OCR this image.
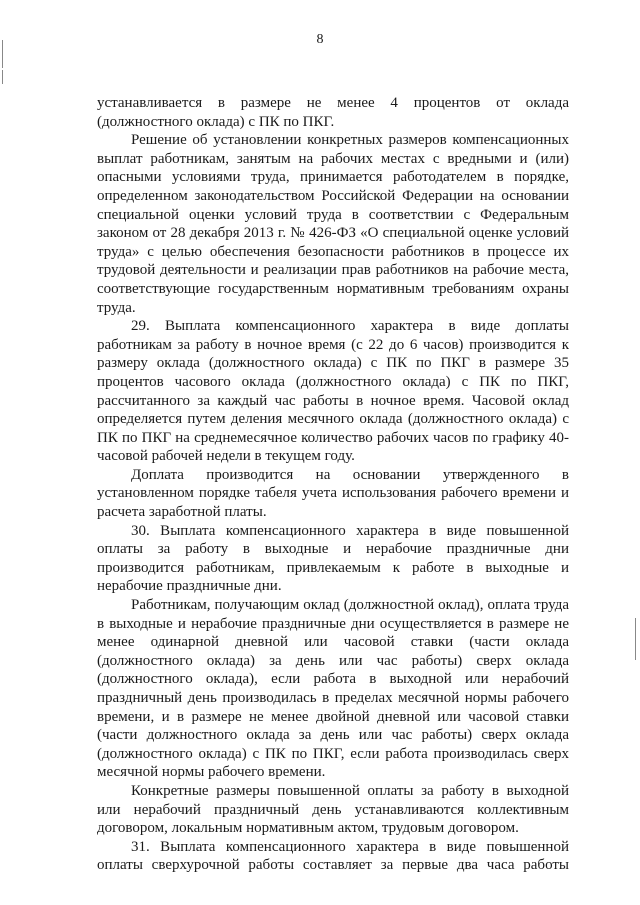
8

устанавливается в размере не менее 4 процентов от оклада (должностного оклада) с ПК по ПКГ.

Решение об установлении конкретных размеров компенсационных выплат работникам, занятым на рабочих местах с вредными и (или) опасными условиями труда, принимается работодателем в порядке, определенном законодательством Российской Федерации на основании специальной оценки условий труда в соответствии с Федеральным законом от 28 декабря 2013 г. № 426-ФЗ «О специальной оценке условий труда» с целью обеспечения безопасности работников в процессе их трудовой деятельности и реализации прав работников на рабочие места, соответствующие государственным нормативным требованиям охраны труда.

29. Выплата компенсационного характера в виде доплаты работникам за работу в ночное время (с 22 до 6 часов) производится к размеру оклада (должностного оклада) с ПК по ПКГ в размере 35 процентов часового оклада (должностного оклада) с ПК по ПКГ, рассчитанного за каждый час работы в ночное время. Часовой оклад определяется путем деления месячного оклада (должностного оклада) с ПК по ПКГ на среднемесячное количество рабочих часов по графику 40-часовой рабочей недели в текущем году.

Доплата производится на основании утвержденного в установленном порядке табеля учета использования рабочего времени и расчета заработной платы.

30. Выплата компенсационного характера в виде повышенной оплаты за работу в выходные и нерабочие праздничные дни производится работникам, привлекаемым к работе в выходные и нерабочие праздничные дни.

Работникам, получающим оклад (должностной оклад), оплата труда в выходные и нерабочие праздничные дни осуществляется в размере не менее одинарной дневной или часовой ставки (части оклада (должностного оклада) за день или час работы) сверх оклада (должностного оклада), если работа в выходной или нерабочий праздничный день производилась в пределах месячной нормы рабочего времени, и в размере не менее двойной дневной или часовой ставки (части должностного оклада за день или час работы) сверх оклада (должностного оклада) с ПК по ПКГ, если работа производилась сверх месячной нормы рабочего времени.

Конкретные размеры повышенной оплаты за работу в выходной или нерабочий праздничный день устанавливаются коллективным договором, локальным нормативным актом, трудовым договором.

31. Выплата компенсационного характера в виде повышенной оплаты сверхурочной работы составляет за первые два часа работы
